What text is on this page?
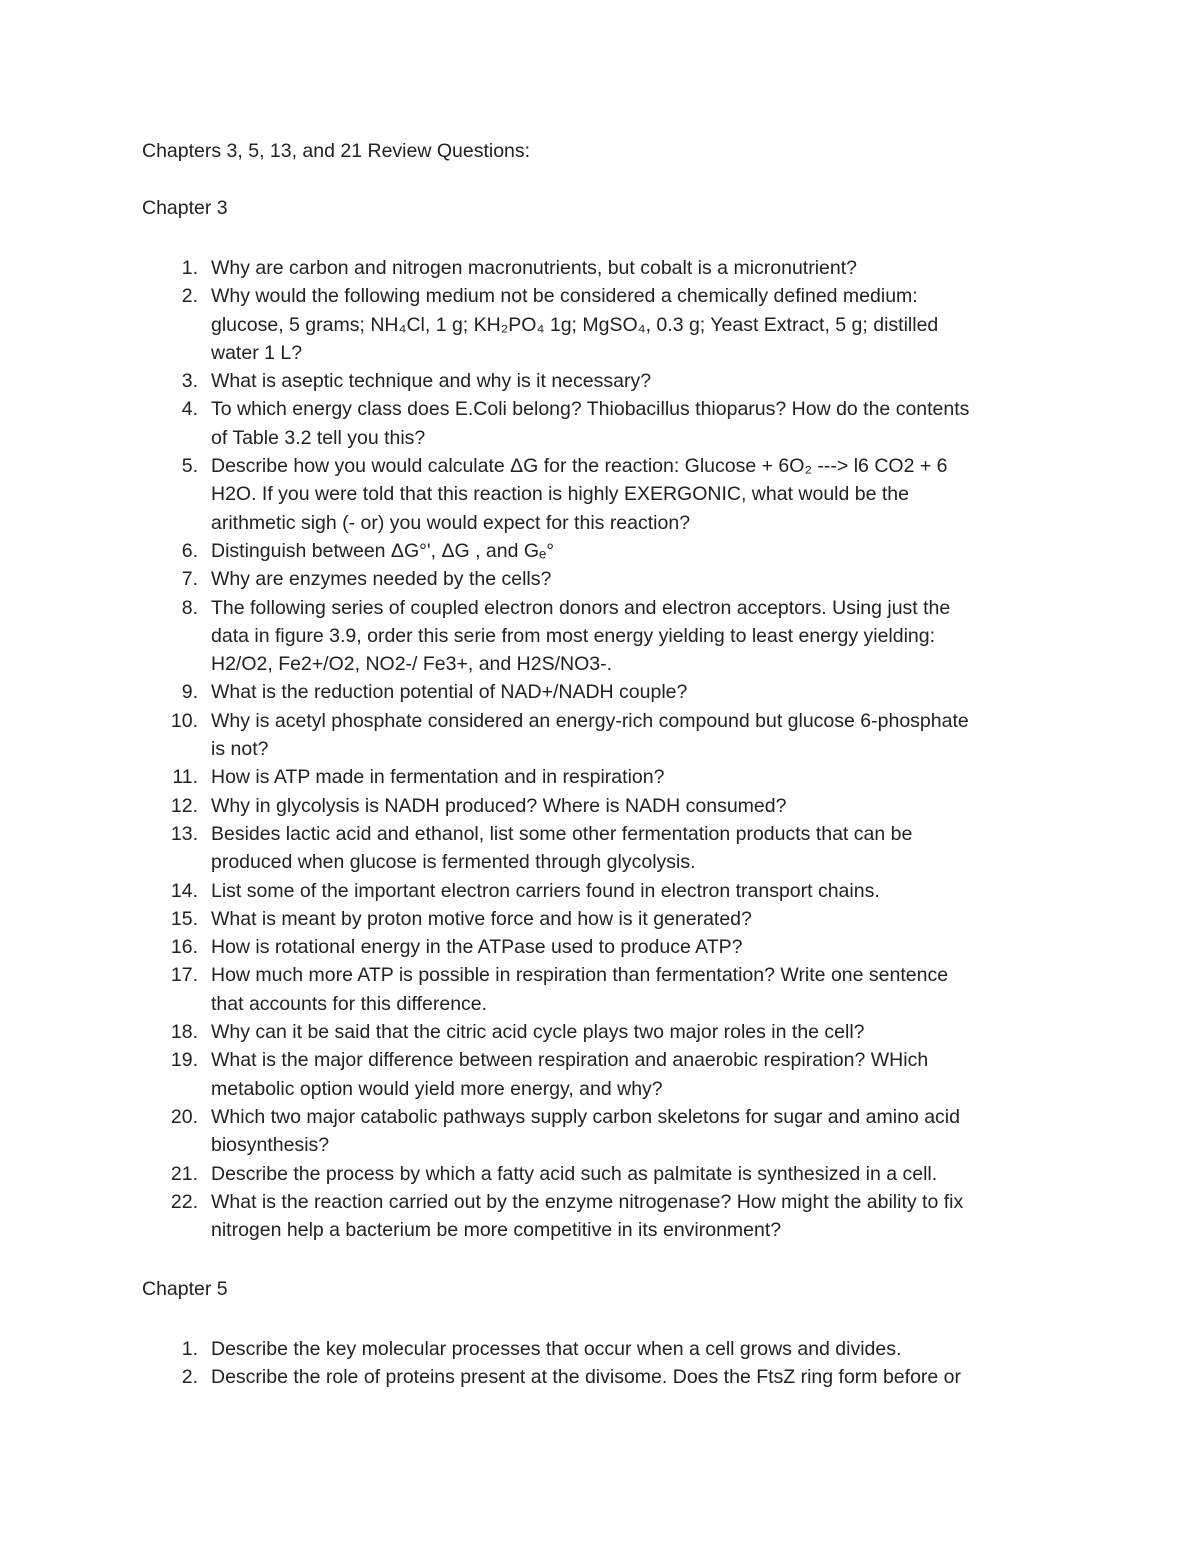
Chapters 3, 5, 13, and 21 Review Questions:
Chapter 3
1. Why are carbon and nitrogen macronutrients, but cobalt is a micronutrient?
2. Why would the following medium not be considered a chemically defined medium:
glucose, 5 grams; NH₄Cl, 1 g; KH₂PO₄ 1g; MgSO₄, 0.3 g; Yeast Extract, 5 g; distilled
water 1 L?
3. What is aseptic technique and why is it necessary?
4. To which energy class does E.Coli belong? Thiobacillus thioparus? How do the contents
of Table 3.2 tell you this?
5. Describe how you would calculate ΔG for the reaction: Glucose + 6O₂ ---> l6 CO2 + 6
H2O. If you were told that this reaction is highly EXERGONIC, what would be the
arithmetic sigh (- or) you would expect for this reaction?
6. Distinguish between ΔG°', ΔG , and Gₑ°
7. Why are enzymes needed by the cells?
8. The following series of coupled electron donors and electron acceptors. Using just the
data in figure 3.9, order this serie from most energy yielding to least energy yielding:
H2/O2, Fe2+/O2, NO2-/ Fe3+, and H2S/NO3-.
9. What is the reduction potential of NAD+/NADH couple?
10. Why is acetyl phosphate considered an energy-rich compound but glucose 6-phosphate
is not?
11. How is ATP made in fermentation and in respiration?
12. Why in glycolysis is NADH produced? Where is NADH consumed?
13. Besides lactic acid and ethanol, list some other fermentation products that can be
produced when glucose is fermented through glycolysis.
14. List some of the important electron carriers found in electron transport chains.
15. What is meant by proton motive force and how is it generated?
16. How is rotational energy in the ATPase used to produce ATP?
17. How much more ATP is possible in respiration than fermentation? Write one sentence
that accounts for this difference.
18. Why can it be said that the citric acid cycle plays two major roles in the cell?
19. What is the major difference between respiration and anaerobic respiration? WHich
metabolic option would yield more energy, and why?
20. Which two major catabolic pathways supply carbon skeletons for sugar and amino acid
biosynthesis?
21. Describe the process by which a fatty acid such as palmitate is synthesized in a cell.
22. What is the reaction carried out by the enzyme nitrogenase? How might the ability to fix
nitrogen help a bacterium be more competitive in its environment?
Chapter 5
1. Describe the key molecular processes that occur when a cell grows and divides.
2. Describe the role of proteins present at the divisome. Does the FtsZ ring form before or
